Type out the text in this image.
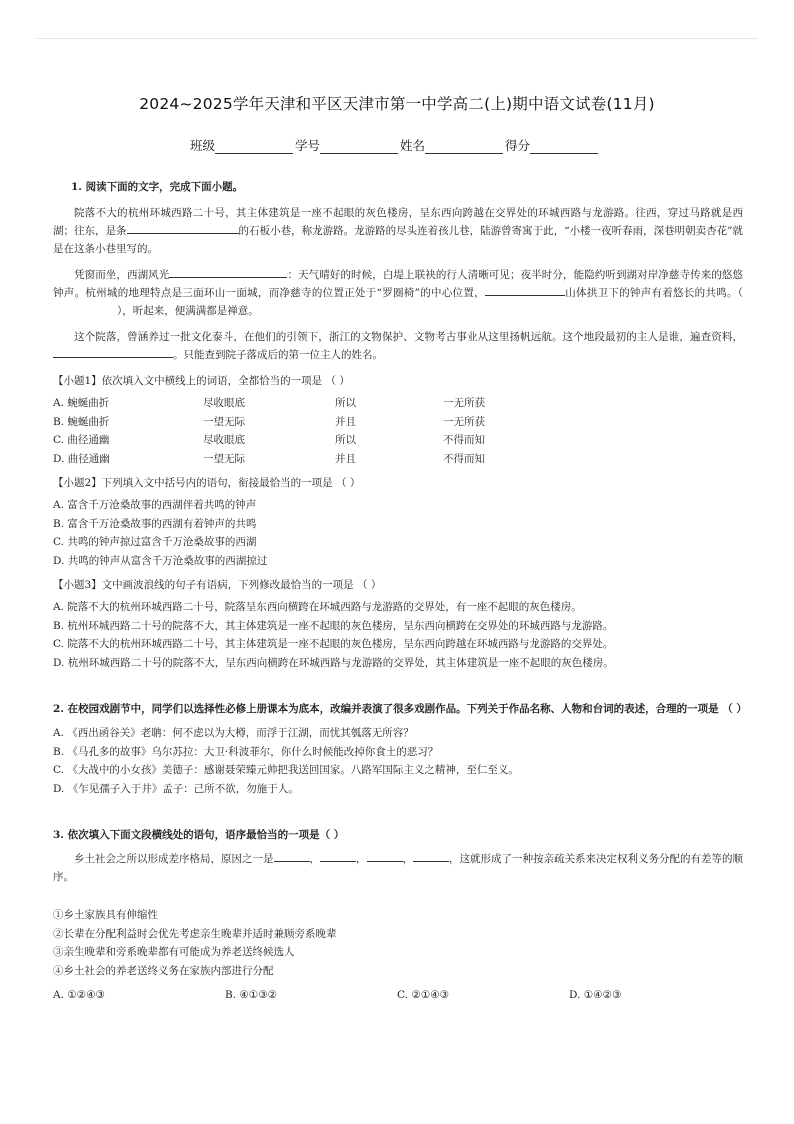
2024~2025学年天津和平区天津市第一中学高二(上)期中语文试卷(11月)
班级	学号	姓名	得分
1. 阅读下面的文字，完成下面小题。
院落不大的杭州环城西路二十号，其主体建筑是一座不起眼的灰色楼房，呈东西向跨越在交界处的环城西路与龙游路。往西，穿过马路就是西湖；往东，是条	的石板小巷，称龙游路。龙游路的尽头连着孩儿巷，陆游曾寄寓于此，“小楼一夜听春雨，深巷明朝卖杏花”就是在这条小巷里写的。
凭窗而坐，西湖风光	：天气晴好的时候，白堤上联袂的行人清晰可见；夜半时分，能隐约听到湖对岸净慈寺传来的悠悠钟声。杭州城的地理特点是三面环山一面城，而净慈寺的位置正处于“罗圈椅”的中心位置，	山体拱卫下的钟声有着悠长的共鸣。（），听起来，便满满都是禅意。
这个院落，曾涵养过一批文化泰斗，在他们的引领下，浙江的文物保护、文物考古事业从这里扬帆远航。这个地段最初的主人是谁，遍查资料，。只能查到院子落成后的第一位主人的姓名。
【小题1】依次填入文中横线上的词语，全都恰当的一项是 （ ）
A. 蜿蜒曲折	尽收眼底	所以	一无所获
B. 蜿蜒曲折	一望无际	并且	一无所获
C. 曲径通幽	尽收眼底	所以	不得而知
D. 曲径通幽	一望无际	并且	不得而知
【小题2】下列填入文中括号内的语句，衔接最恰当的一项是 （ ）
A. 富含千万沧桑故事的西湖伴着共鸣的钟声
B. 富含千万沧桑故事的西湖有着钟声的共鸣
C. 共鸣的钟声掠过富含千万沧桑故事的西湖
D. 共鸣的钟声从富含千万沧桑故事的西湖掠过
【小题3】文中画波浪线的句子有语病，下列修改最恰当的一项是 （ ）
A. 院落不大的杭州环城西路二十号，院落呈东西向横跨在环城西路与龙游路的交界处，有一座不起眼的灰色楼房。
B. 杭州环城西路二十号的院落不大，其主体建筑是一座不起眼的灰色楼房，呈东西向横跨在交界处的环城西路与龙游路。
C. 院落不大的杭州环城西路二十号，其主体建筑是一座不起眼的灰色楼房，呈东西向跨越在环城西路与龙游路的交界处。
D. 杭州环城西路二十号的院落不大，呈东西向横跨在环城西路与龙游路的交界处，其主体建筑是一座不起眼的灰色楼房。
2. 在校园戏剧节中，同学们以选择性必修上册课本为底本，改编并表演了很多戏剧作品。下列关于作品名称、人物和台词的表述，合理的一项是 （ ）
A. 《西出函谷关》老聃：何不虑以为大樽，而浮于江湖，而忧其瓠落无所容？
B. 《马孔多的故事》乌尔苏拉：大卫·科波菲尔，你什么时候能改掉你食土的恶习？
C. 《大战中的小女孩》美德子：感谢聂荣臻元帅把我送回国家。八路军国际主义之精神，至仁至义。
D. 《乍见孺子入于井》孟子：己所不欲，勿施于人。
3. 依次填入下面文段横线处的语句，语序最恰当的一项是（ ）
乡土社会之所以形成差序格局，原因之一是	，	，	，	，这就形成了一种按亲疏关系来决定权利义务分配的有差等的顺序。
①乡土家族具有伸缩性
②长辈在分配利益时会优先考虑亲生晚辈并适时兼顾旁系晚辈
③亲生晚辈和旁系晚辈都有可能成为养老送终候选人
④乡土社会的养老送终义务在家族内部进行分配
A. ①②④③	B. ④①③②	C. ②①④③	D. ①④②③
